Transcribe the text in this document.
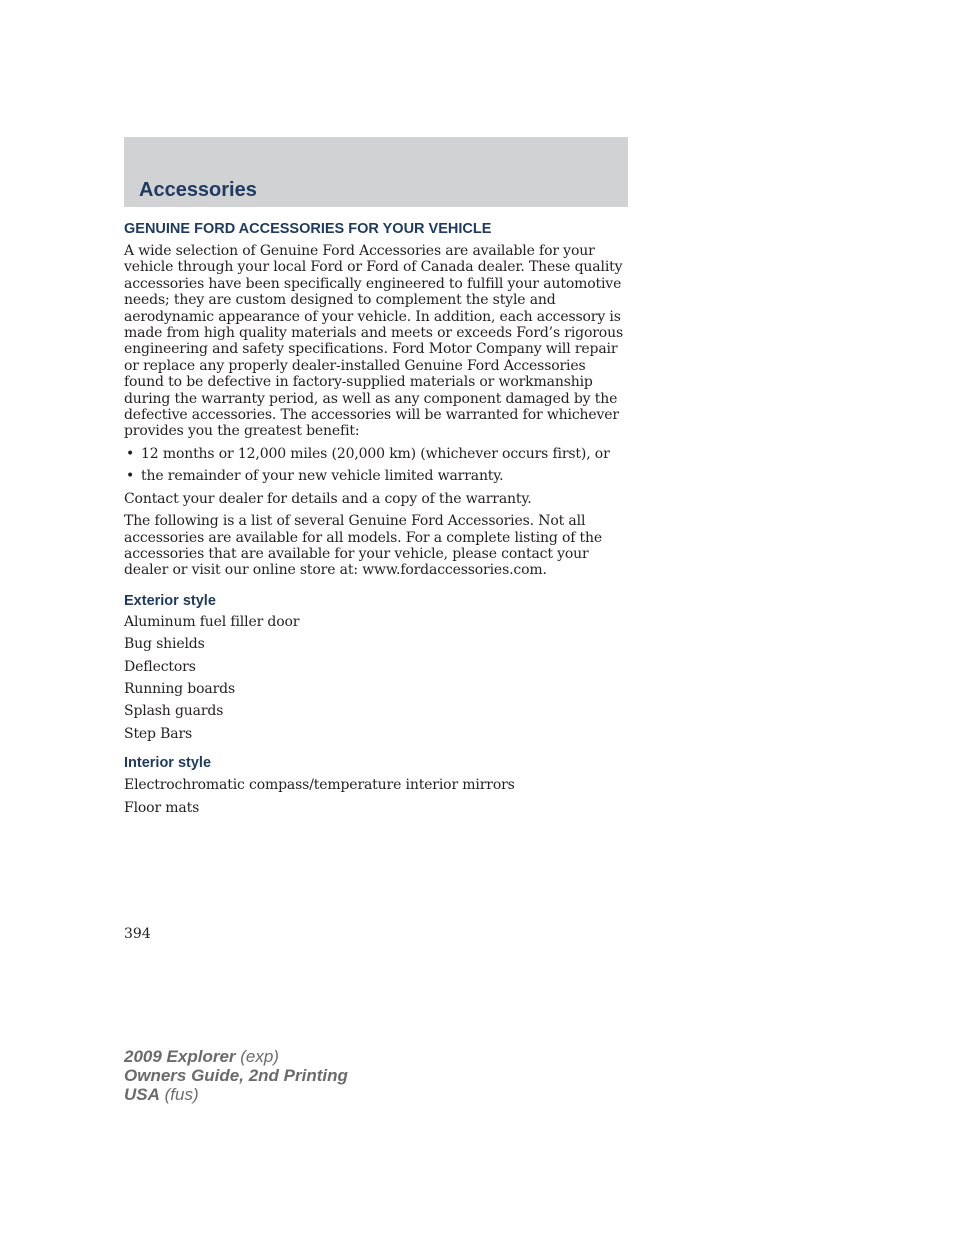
Accessories
GENUINE FORD ACCESSORIES FOR YOUR VEHICLE

A wide selection of Genuine Ford Accessories are available for your vehicle through your local Ford or Ford of Canada dealer. These quality accessories have been specifically engineered to fulfill your automotive needs; they are custom designed to complement the style and aerodynamic appearance of your vehicle. In addition, each accessory is made from high quality materials and meets or exceeds Ford’s rigorous engineering and safety specifications. Ford Motor Company will repair or replace any properly dealer-installed Genuine Ford Accessories found to be defective in factory-supplied materials or workmanship during the warranty period, as well as any component damaged by the defective accessories. The accessories will be warranted for whichever provides you the greatest benefit:

• 12 months or 12,000 miles (20,000 km) (whichever occurs first), or
• the remainder of your new vehicle limited warranty.

Contact your dealer for details and a copy of the warranty.

The following is a list of several Genuine Ford Accessories. Not all accessories are available for all models. For a complete listing of the accessories that are available for your vehicle, please contact your dealer or visit our online store at: www.fordaccessories.com.

Exterior style

Aluminum fuel filler door

Bug shields

Deflectors

Running boards

Splash guards

Step Bars

Interior style

Electrochromatic compass/temperature interior mirrors

Floor mats

394

2009 Explorer (exp)
Owners Guide, 2nd Printing
USA (fus)
